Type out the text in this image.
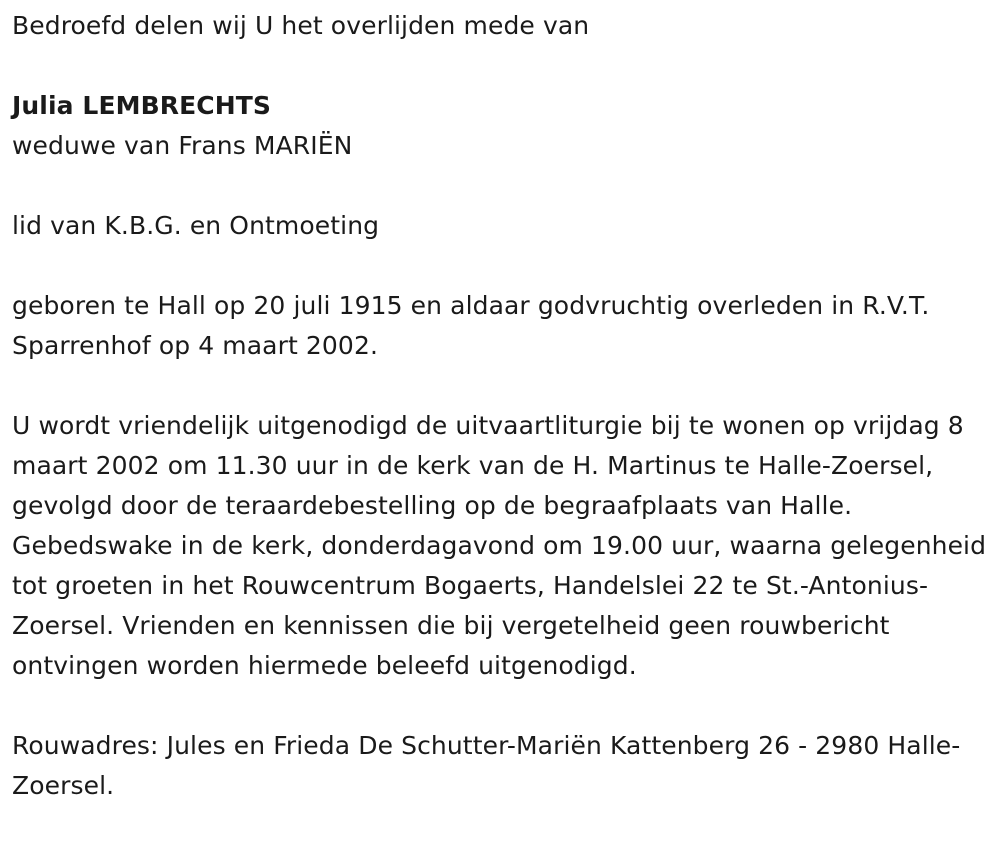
Bedroefd delen wij U het overlijden mede van

Julia LEMBRECHTS

weduwe van Frans MARIËN

lid van K.B.G. en Ontmoeting

geboren te Hall op 20 juli 1915 en aldaar godvruchtig overleden in R.V.T. Sparrenhof op 4 maart 2002.

U wordt vriendelijk uitgenodigd de uitvaartliturgie bij te wonen op vrijdag 8 maart 2002 om 11.30 uur in de kerk van de H. Martinus te Halle-Zoersel, gevolgd door de teraardebestelling op de begraafplaats van Halle. Gebedswake in de kerk, donderdagavond om 19.00 uur, waarna gelegenheid tot groeten in het Rouwcentrum Bogaerts, Handelslei 22 te St.-Antonius-Zoersel. Vrienden en kennissen die bij vergetelheid geen rouwbericht ontvingen worden hiermede beleefd uitgenodigd.

Rouwadres: Jules en Frieda De Schutter-Mariën Kattenberg 26 - 2980 Halle-Zoersel.
